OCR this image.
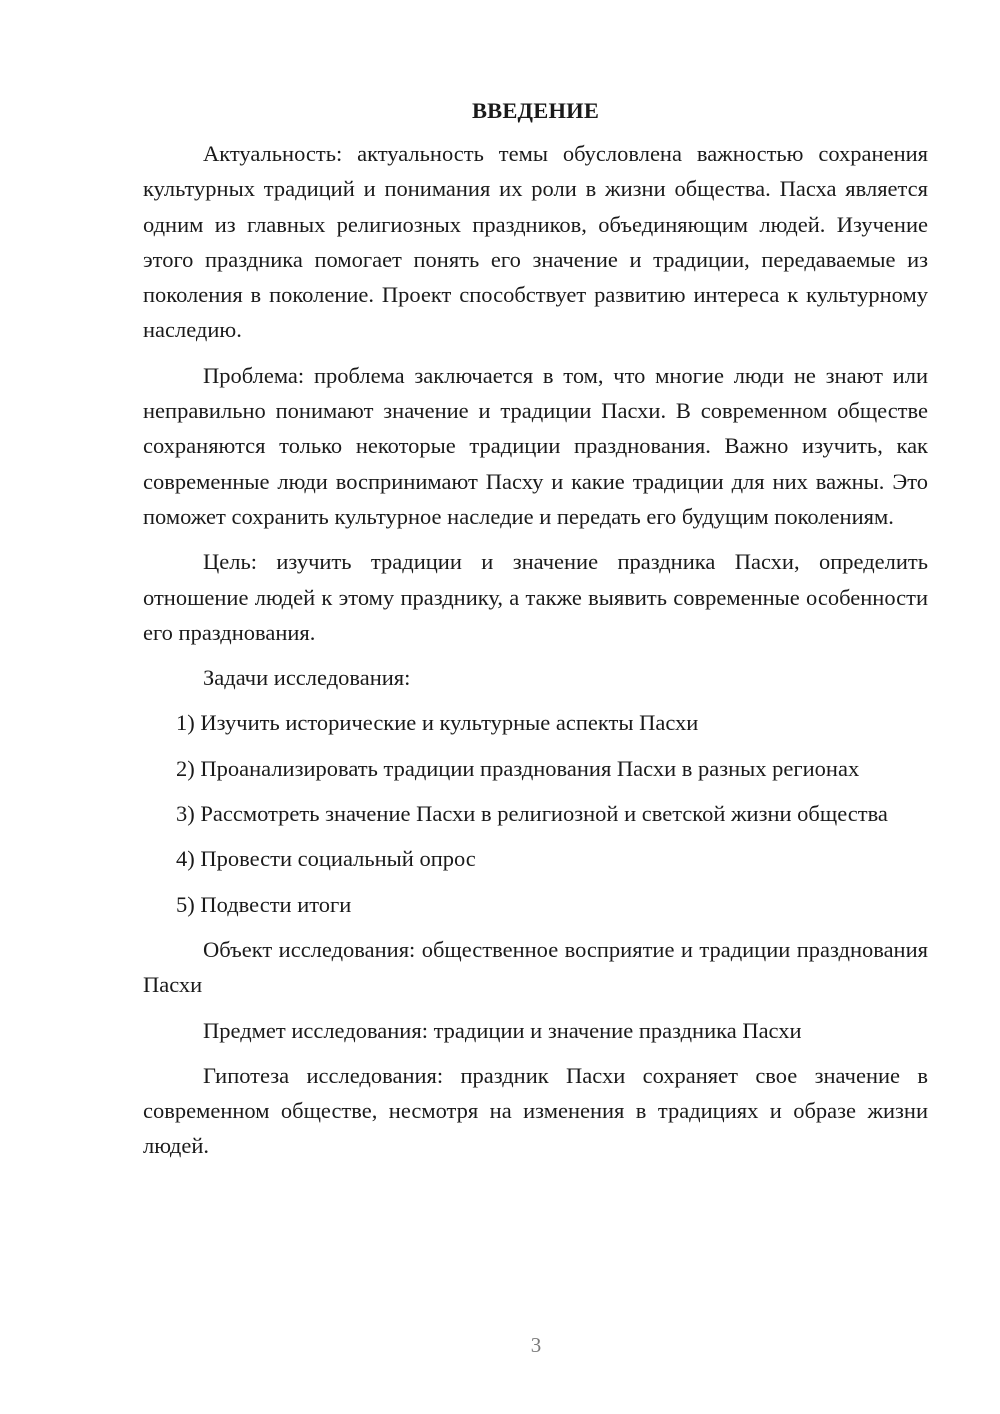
ВВЕДЕНИЕ

Актуальность: актуальность темы обусловлена важностью сохранения культурных традиций и понимания их роли в жизни общества. Пасха является одним из главных религиозных праздников, объединяющим людей. Изучение этого праздника помогает понять его значение и традиции, передаваемые из поколения в поколение. Проект способствует развитию интереса к культурному наследию.

Проблема: проблема заключается в том, что многие люди не знают или неправильно понимают значение и традиции Пасхи. В современном обществе сохраняются только некоторые традиции празднования. Важно изучить, как современные люди воспринимают Пасху и какие традиции для них важны. Это поможет сохранить культурное наследие и передать его будущим поколениям.

Цель: изучить традиции и значение праздника Пасхи, определить отношение людей к этому празднику, а также выявить современные особенности его празднования.

Задачи исследования:

1) Изучить исторические и культурные аспекты Пасхи

2) Проанализировать традиции празднования Пасхи в разных регионах

3) Рассмотреть значение Пасхи в религиозной и светской жизни общества

4) Провести социальный опрос

5) Подвести итоги

Объект исследования: общественное восприятие и традиции празднования Пасхи

Предмет исследования: традиции и значение праздника Пасхи

Гипотеза исследования: праздник Пасхи сохраняет свое значение в современном обществе, несмотря на изменения в традициях и образе жизни людей.

3
